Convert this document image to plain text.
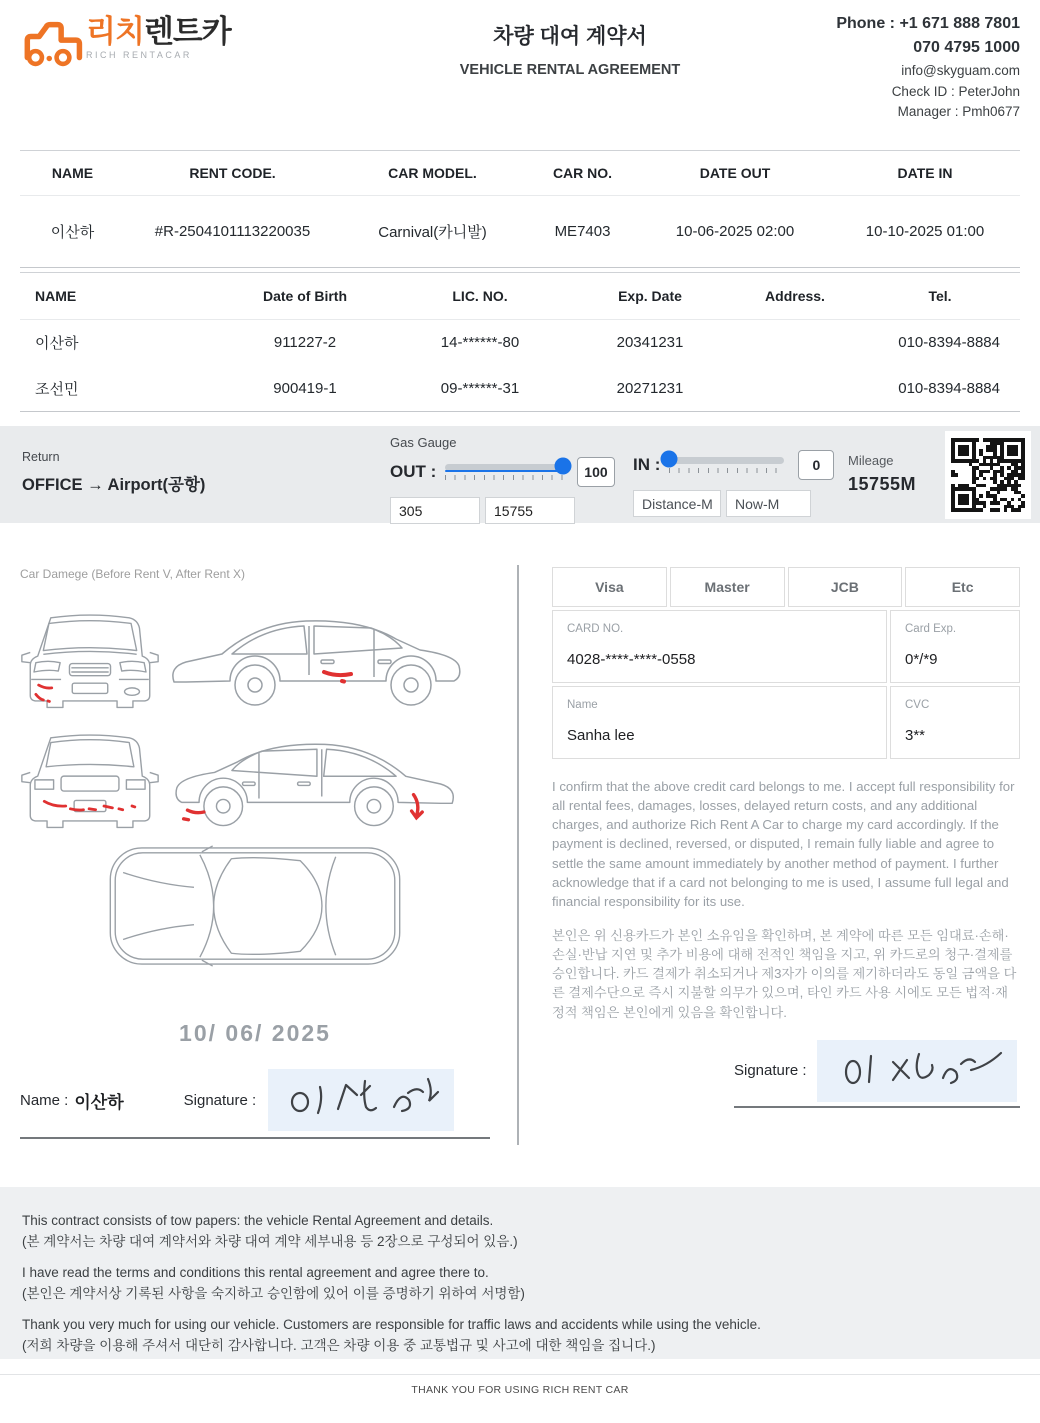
리치렌트카
RICH RENTACAR
차량 대여 계약서
VEHICLE RENTAL AGREEMENT
Phone : +1 671 888 7801
070 4795 1000
info@skyguam.com
Check ID : PeterJohn
Manager : Pmh0677
NAME	RENT CODE.	CAR MODEL.	CAR NO.	DATE OUT	DATE IN
이산하	#R-2504101113220035	Carnival(카니발)	ME7403	10-06-2025 02:00	10-10-2025 01:00
NAME	Date of Birth	LIC. NO.	Exp. Date	Address.	Tel.
이산하	911227-2	14-******-80	20341231		010-8394-8884
조선민	900419-1	09-******-31	20271231		010-8394-8884
Return
OFFICE → Airport(공항)
Gas Gauge
OUT :	100
305
15755	IN :	0
Distance-M
Now-M	Mileage
15755M
Car Damege (Before Rent V, After Rent X)
10/ 06/ 2025
Name : 이산하	Signature :
Visa	Master	JCB	Etc
CARD NO.
4028-****-****-0558
Card Exp.
0*/*9
Name
Sanha lee
CVC
3**

I confirm that the above credit card belongs to me. I accept full responsibility for all rental fees, damages, losses, delayed return costs, and any additional charges, and authorize Rich Rent A Car to charge my card accordingly. If the payment is declined, reversed, or disputed, I remain fully liable and agree to settle the same amount immediately by another method of payment. I further acknowledge that if a card not belonging to me is used, I assume full legal and financial responsibility for its use.

본인은 위 신용카드가 본인 소유임을 확인하며, 본 계약에 따른 모든 임대료·손해·손실·반납 지연 및 추가 비용에 대해 전적인 책임을 지고, 위 카드로의 청구·결제를 승인합니다. 카드 결제가 취소되거나 제3자가 이의를 제기하더라도 동일 금액을 다른 결제수단으로 즉시 지불할 의무가 있으며, 타인 카드 사용 시에도 모든 법적·재정적 책임은 본인에게 있음을 확인합니다.

Signature :
This contract consists of tow papers: the vehicle Rental Agreement and details.
(본 계약서는 차량 대여 계약서와 차량 대여 계약 세부내용 등 2장으로 구성되어 있음.)
I have read the terms and conditions this rental agreement and agree there to.
(본인은 계약서상 기록된 사항을 숙지하고 승인함에 있어 이를 증명하기 위하여 서명함)
Thank you very much for using our vehicle. Customers are responsible for traffic laws and accidents while using the vehicle.
(저희 차량을 이용해 주셔서 대단히 감사합니다. 고객은 차량 이용 중 교통법규 및 사고에 대한 책임을 집니다.)
THANK YOU FOR USING RICH RENT CAR
